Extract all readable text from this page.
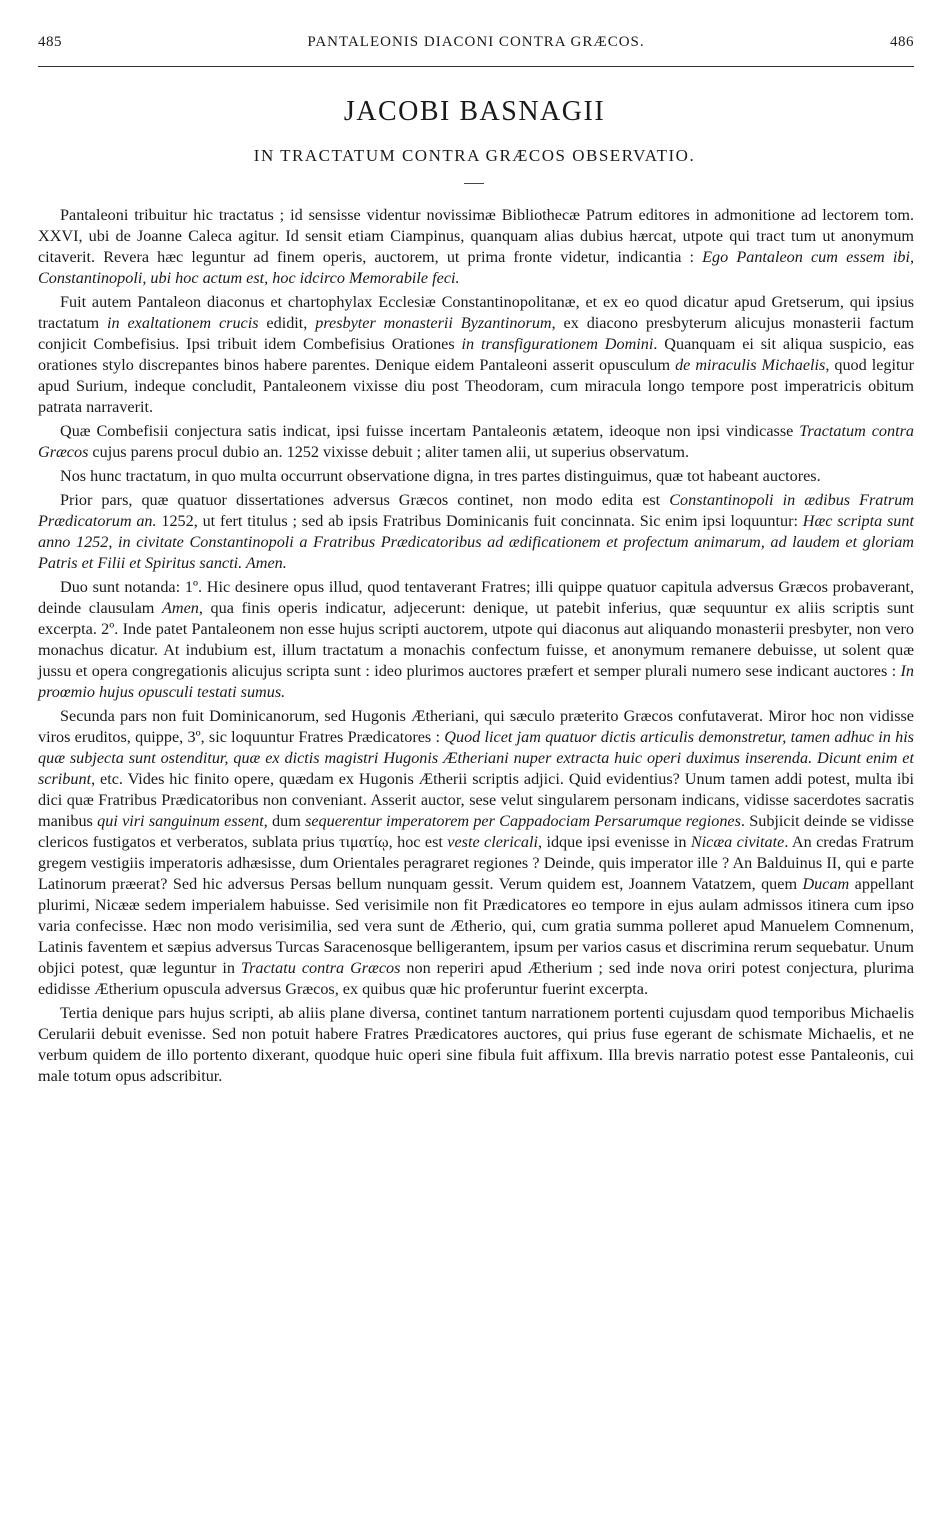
485	PANTALEONIS DIACONI CONTRA GRÆCOS.	486
JACOBI BASNAGII
IN TRACTATUM CONTRA GRÆCOS OBSERVATIO.

Pantaleoni tribuitur hic tractatus ; id sensisse videntur novissimæ Bibliothecæ Patrum editores in admonitione ad lectorem tom. XXVI, ubi de Joanne Caleca agitur. Id sensit etiam Ciampinus, quanquam alias dubius hærcat, utpote qui tract tum ut anonymum citaverit. Revera hæc leguntur ad finem operis, auctorem, ut prima fronte videtur, indicantia : Ego Pantaleon cum essem ibi, Constantinopoli, ubi hoc actum est, hoc idcirco Memorabile feci.

Fuit autem Pantaleon diaconus et chartophylax Ecclesiæ Constantinopolitanæ, et ex eo quod dicatur apud Gretserum, qui ipsius tractatum in exaltationem crucis edidit, presbyter monasterii Byzantinorum, ex diacono presbyterum alicujus monasterii factum conjicit Combefisius. Ipsi tribuit idem Combefisius Orationes in transfigurationem Domini. Quanquam ei sit aliqua suspicio, eas orationes stylo discrepantes binos habere parentes. Denique eidem Pantaleoni asserit opusculum de miraculis Michaelis, quod legitur apud Surium, indeque concludit, Pantaleonem vixisse diu post Theodoram, cum miracula longo tempore post imperatricis obitum patrata narraverit.

Quæ Combefisii conjectura satis indicat, ipsi fuisse incertam Pantaleonis ætatem, ideoque non ipsi vindicasse Tractatum contra Græcos cujus parens procul dubio an. 1252 vixisse debuit ; aliter tamen alii, ut superius observatum.

Nos hunc tractatum, in quo multa occurrunt observatione digna, in tres partes distinguimus, quæ tot habeant auctores.

Prior pars, quæ quatuor dissertationes adversus Græcos continet, non modo edita est Constantinopoli in ædibus Fratrum Prædicatorum an. 1252, ut fert titulus ; sed ab ipsis Fratribus Dominicanis fuit concinnata. Sic enim ipsi loquuntur: Hæc scripta sunt anno 1252, in civitate Constantinopoli a Fratribus Prædicatoribus ad ædificationem et profectum animarum, ad laudem et gloriam Patris et Filii et Spiritus sancti. Amen.

Duo sunt notanda: 1º. Hic desinere opus illud, quod tentaverant Fratres; illi quippe quatuor capitula adversus Græcos probaverant, deinde clausulam Amen, qua finis operis indicatur, adjecerunt: denique, ut patebit inferius, quæ sequuntur ex aliis scriptis sunt excerpta. 2º. Inde patet Pantaleonem non esse hujus scripti auctorem, utpote qui diaconus aut aliquando monasterii presbyter, non vero monachus dicatur. At indubium est, illum tractatum a monachis confectum fuisse, et anonymum remanere debuisse, ut solent quæ jussu et opera congregationis alicujus scripta sunt : ideo plurimos auctores præfert et semper plurali numero sese indicant auctores : In proœmio hujus opusculi testati sumus.

Secunda pars non fuit Dominicanorum, sed Hugonis Ætheriani, qui sæculo præterito Græcos confutaverat. Miror hoc non vidisse viros eruditos, quippe, 3º, sic loquuntur Fratres Prædicatores : Quod licet jam quatuor dictis articulis demonstretur, tamen adhuc in his quæ subjecta sunt ostenditur, quæ ex dictis magistri Hugonis Ætheriani nuper extracta huic operi duximus inserenda. Dicunt enim et scribunt, etc. Vides hic finito opere, quædam ex Hugonis Ætherii scriptis adjici. Quid evidentius? Unum tamen addi potest, multa ibi dici quæ Fratribus Prædicatoribus non conveniant. Asserit auctor, sese velut singularem personam indicans, vidisse sacerdotes sacratis manibus qui viri sanguinum essent, dum sequerentur imperatorem per Cappadociam Persarumque regiones. Subjicit deinde se vidisse clericos fustigatos et verberatos, sublata prius τιματίῳ, hoc est veste clericali, idque ipsi evenisse in Nicæa civitate. An credas Fratrum gregem vestigiis imperatoris adhæsisse, dum Orientales peragraret regiones ? Deinde, quis imperator ille ? An Balduinus II, qui e parte Latinorum præerat? Sed hic adversus Persas bellum nunquam gessit. Verum quidem est, Joannem Vatatzem, quem Ducam appellant plurimi, Nicææ sedem imperialem habuisse. Sed verisimile non fit Prædicatores eo tempore in ejus aulam admissos itinera cum ipso varia confecisse. Hæc non modo verisimilia, sed vera sunt de Ætherio, qui, cum gratia summa polleret apud Manuelem Comnenum, Latinis faventem et sæpius adversus Turcas Saracenosque belligerantem, ipsum per varios casus et discrimina rerum sequebatur. Unum objici potest, quæ leguntur in Tractatu contra Græcos non reperiri apud Ætherium ; sed inde nova oriri potest conjectura, plurima edidisse Ætherium opuscula adversus Græcos, ex quibus quæ hic proferuntur fuerint excerpta.

Tertia denique pars hujus scripti, ab aliis plane diversa, continet tantum narrationem portenti cujusdam quod temporibus Michaelis Cerularii debuit evenisse. Sed non potuit habere Fratres Prædicatores auctores, qui prius fuse egerant de schismate Michaelis, et ne verbum quidem de illo portento dixerant, quodque huic operi sine fibula fuit affixum. Illa brevis narratio potest esse Pantaleonis, cui male totum opus adscribitur.
